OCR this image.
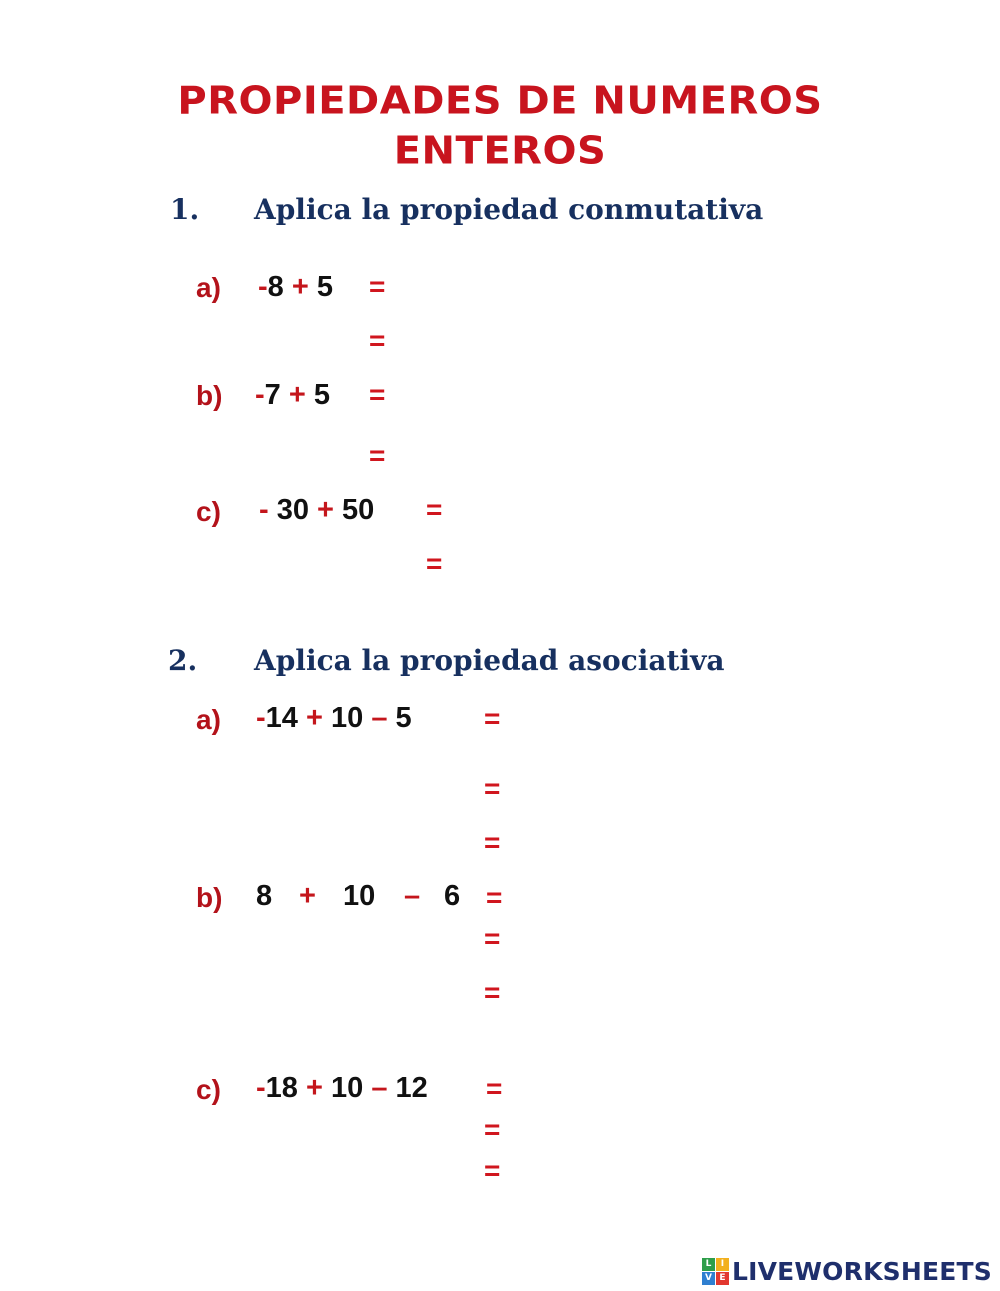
PROPIEDADES DE NUMEROS
ENTEROS
1. Aplica la propiedad conmutativa
a) -8 + 5 =
=
b) -7 + 5 =
=
c) - 30 + 50 =
=
2. Aplica la propiedad asociativa
a) -14 + 10 – 5	=
=
=
b) 8 + 10 – 6 =
=
=
c) -18 + 10 – 12 =
=
=
L	I
V E LIVEWORKSHEETS
